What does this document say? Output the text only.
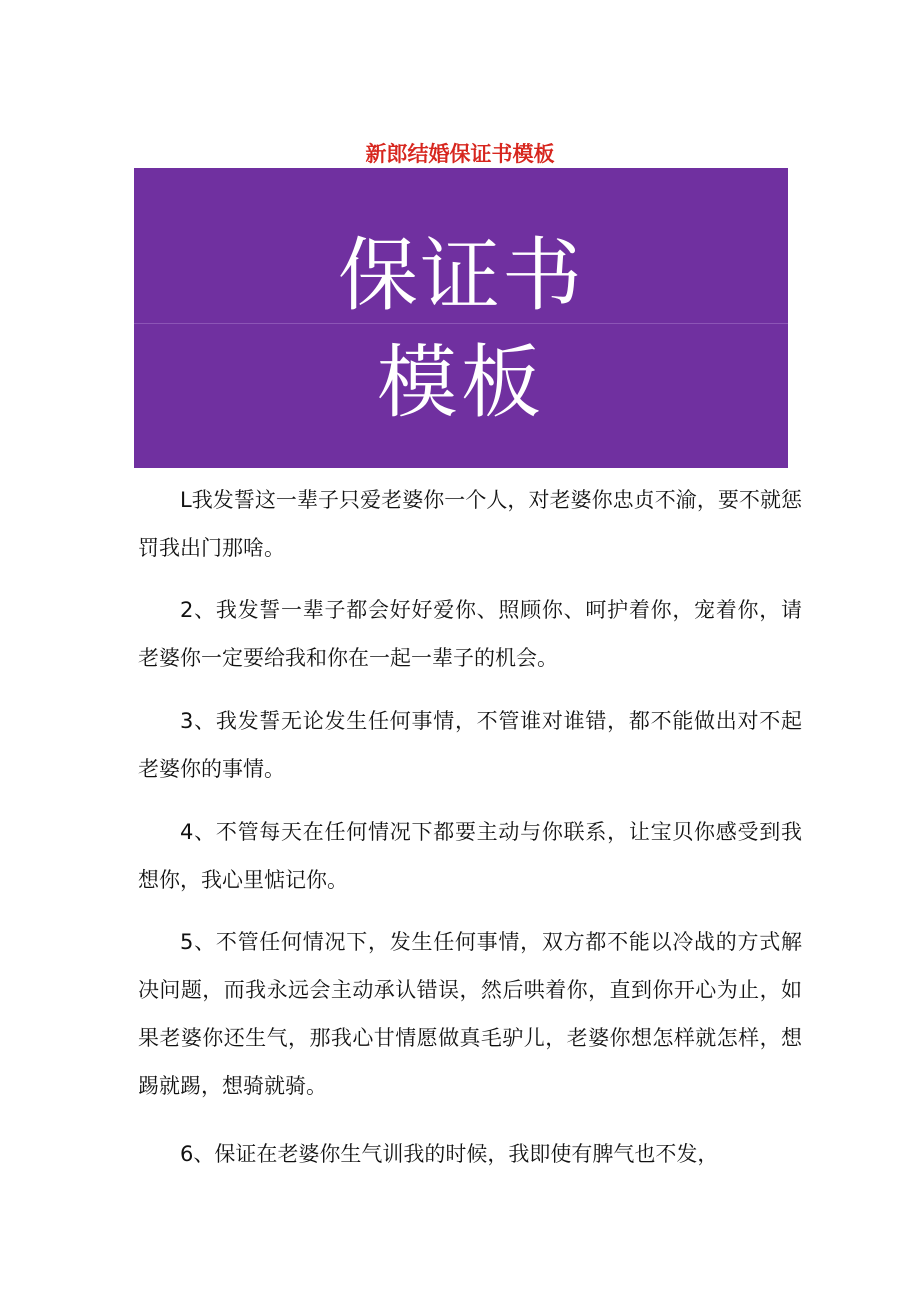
新郎结婚保证书模板
保证书
模板

L我发誓这一辈子只爱老婆你一个人，对老婆你忠贞不渝，要不就惩罚我出门那啥。

2、我发誓一辈子都会好好爱你、照顾你、呵护着你，宠着你，请老婆你一定要给我和你在一起一辈子的机会。

3、我发誓无论发生任何事情，不管谁对谁错，都不能做出对不起老婆你的事情。

4、不管每天在任何情况下都要主动与你联系，让宝贝你感受到我想你，我心里惦记你。

5、不管任何情况下，发生任何事情，双方都不能以冷战的方式解决问题，而我永远会主动承认错误，然后哄着你，直到你开心为止，如果老婆你还生气，那我心甘情愿做真毛驴儿，老婆你想怎样就怎样，想踢就踢，想骑就骑。

6、保证在老婆你生气训我的时候，我即使有脾气也不发，
